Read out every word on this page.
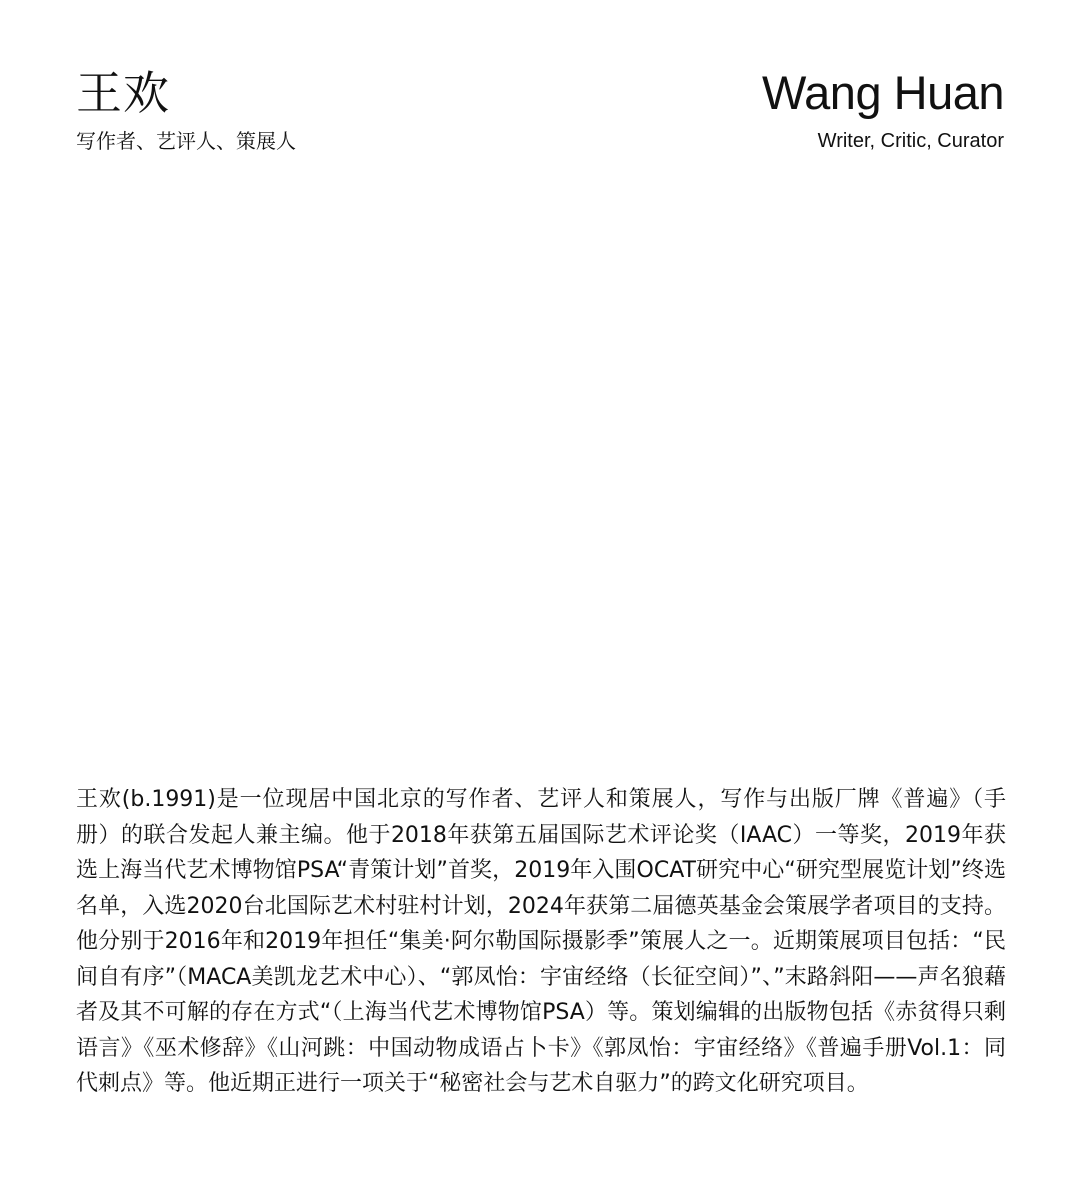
王欢
写作者、艺评人、策展人
Wang Huan
Writer, Critic, Curator

王欢(b.1991)是一位现居中国北京的写作者、艺评人和策展人，写作与出版厂牌《普遍》（手册）的联合发起人兼主编。他于2018年获第五届国际艺术评论奖（IAAC）一等奖，2019年获选上海当代艺术博物馆PSA“青策计划”首奖，2019年入围OCAT研究中心“研究型展览计划”终选名单，入选2020台北国际艺术村驻村计划，2024年获第二届德英基金会策展学者项目的支持。他分别于2016年和2019年担任“集美·阿尔勒国际摄影季”策展人之一。近期策展项目包括：“民间自有序”（MACA美凯龙艺术中心）、“郭凤怡：宇宙经络（长征空间）”、”末路斜阳——声名狼藉者及其不可解的存在方式“（上海当代艺术博物馆PSA）等。策划编辑的出版物包括《赤贫得只剩语言》《巫术修辞》《山河跳：中国动物成语占卜卡》《郭凤怡：宇宙经络》《普遍手册Vol.1：同代刺点》等。他近期正进行一项关于“秘密社会与艺术自驱力”的跨文化研究项目。
